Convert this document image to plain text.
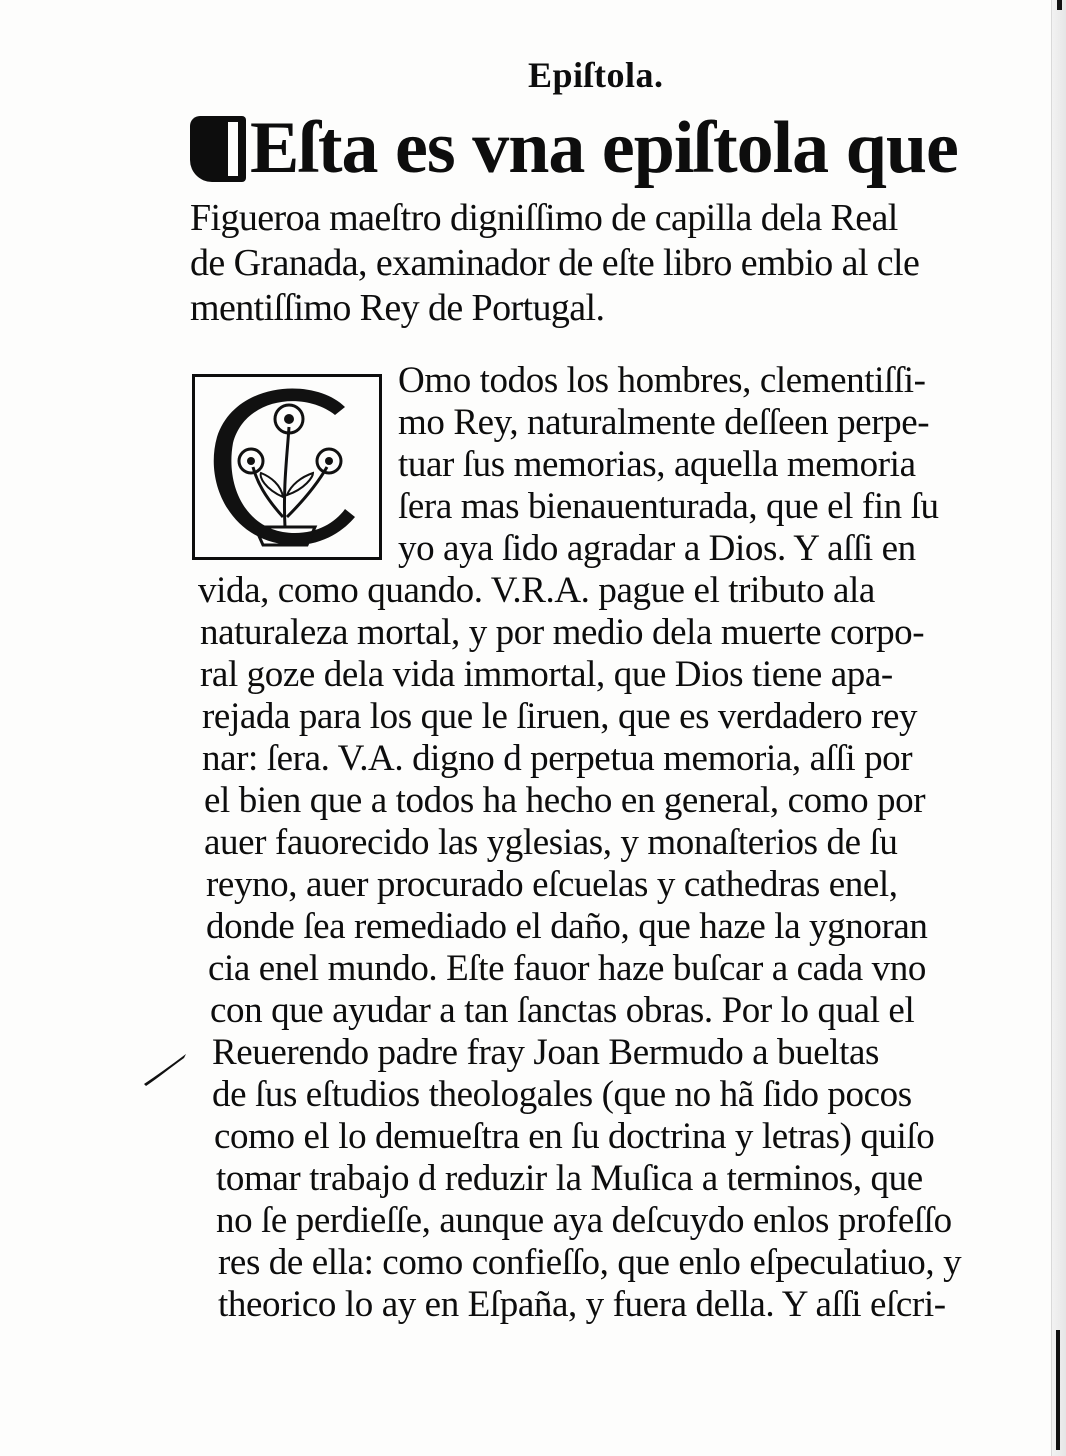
Epiſtola.
Eſta es vna epiſtola que
Figueroa maeſtro digniſſimo de capilla dela Real
de Granada, examinador de eſte libro embio al cle
mentiſſimo Rey de Portugal.
Omo todos los hombres, clementiſſi-
mo Rey, naturalmente deſſeen perpe-
tuar ſus memorias, aquella memoria
ſera mas bienauenturada, que el fin ſu
yo aya ſido agradar a Dios. Y aſſi en
vida, como quando. V.R.A. pague el tributo ala
naturaleza mortal, y por medio dela muerte corpo-
ral goze dela vida immortal, que Dios tiene apa-
rejada para los que le ſiruen, que es verdadero rey
nar: ſera. V.A. digno d perpetua memoria, aſſi por
el bien que a todos ha hecho en general, como por
auer fauorecido las yglesias, y monaſterios de ſu
reyno, auer procurado eſcuelas y cathedras enel,
donde ſea remediado el daño, que haze la ygnoran
cia enel mundo. Eſte fauor haze buſcar a cada vno
con que ayudar a tan ſanctas obras. Por lo qual el
Reuerendo padre fray Joan Bermudo a bueltas
de ſus eſtudios theologales (que no hã ſido pocos
como el lo demueſtra en ſu doctrina y letras) quiſo
tomar trabajo d reduzir la Muſica a terminos, que
no ſe perdieſſe, aunque aya deſcuydo enlos profeſſo
res de ella: como confieſſo, que enlo eſpeculatiuo, y
theorico lo ay en Eſpaña, y fuera della. Y aſſi eſcri-
